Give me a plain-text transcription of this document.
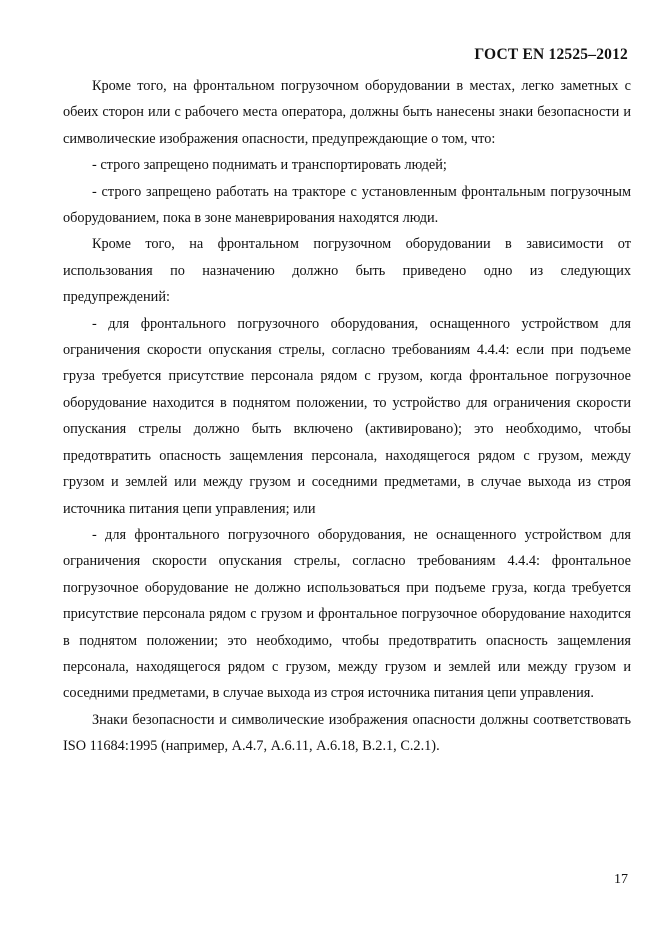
ГОСТ EN 12525–2012

Кроме того, на фронтальном погрузочном оборудовании в местах, легко заметных с обеих сторон или с рабочего места оператора, должны быть нанесены знаки безопасности и символические изображения опасности, предупреждающие о том, что:

- строго запрещено поднимать и транспортировать людей;

- строго запрещено работать на тракторе с установленным фронтальным погрузочным оборудованием, пока в зоне маневрирования находятся люди.

Кроме того, на фронтальном погрузочном оборудовании в зависимости от использования по назначению должно быть приведено одно из следующих предупреждений:

- для фронтального погрузочного оборудования, оснащенного устройством для ограничения скорости опускания стрелы, согласно требованиям 4.4.4: если при подъеме груза требуется присутствие персонала рядом с грузом, когда фронтальное погрузочное оборудование находится в поднятом положении, то устройство для ограничения скорости опускания стрелы должно быть включено (активировано); это необходимо, чтобы предотвратить опасность защемления персонала, находящегося рядом с грузом, между грузом и землей или между грузом и соседними предметами, в случае выхода из строя источника питания цепи управления; или

- для фронтального погрузочного оборудования, не оснащенного устройством для ограничения скорости опускания стрелы, согласно требованиям 4.4.4: фронтальное погрузочное оборудование не должно использоваться при подъеме груза, когда требуется присутствие персонала рядом с грузом и фронтальное погрузочное оборудование находится в поднятом положении; это необходимо, чтобы предотвратить опасность защемления персонала, находящегося рядом с грузом, между грузом и землей или между грузом и соседними предметами, в случае выхода из строя источника питания цепи управления.

Знаки безопасности и символические изображения опасности должны соответствовать ISO 11684:1995 (например, А.4.7, А.6.11, А.6.18, В.2.1, С.2.1).

17
